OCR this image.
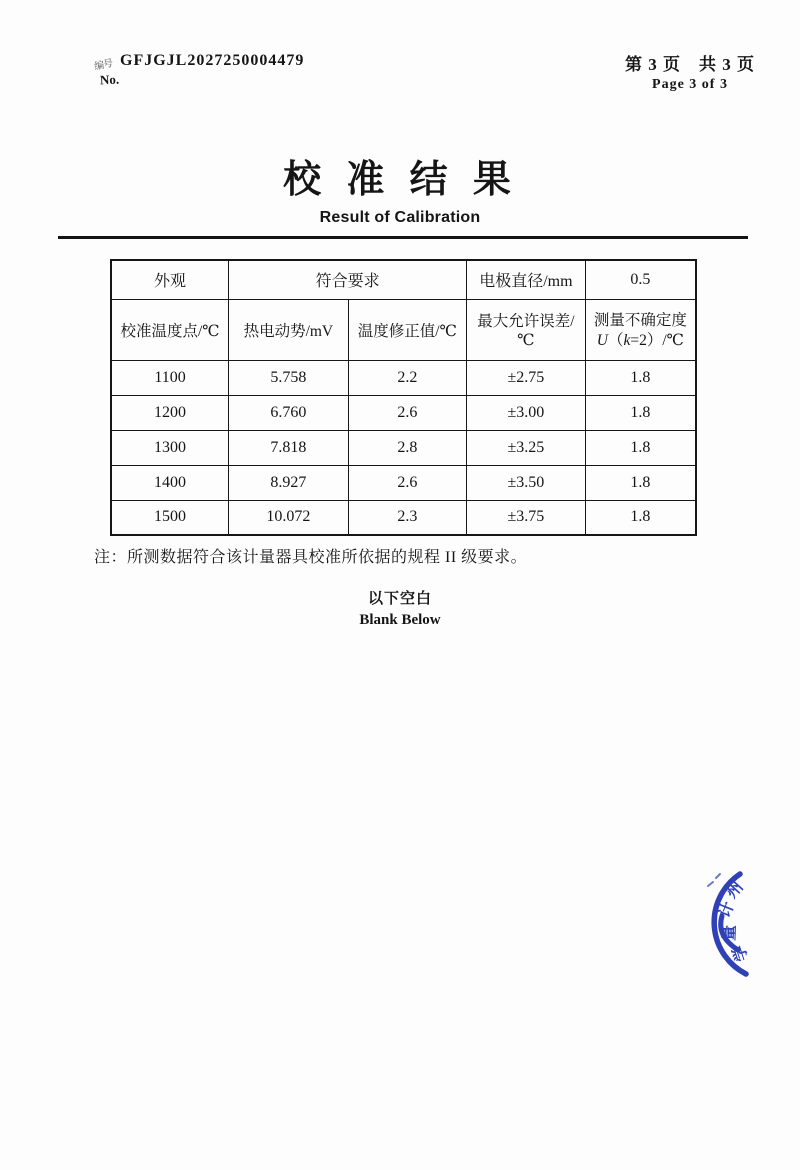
编号 GFJGJL2027250004479
No.
第 3 页　共 3 页
Page 3 of 3
校 准 结 果
Result of Calibration
外观	符合要求		电极直径/mm	0.5
校准温度点/℃	热电动势/mV	温度修正值/℃	最大允许误差/℃	测量不确定度
U（k=2）/℃

1100	5.758	2.2	±2.75	1.8
1200	6.760	2.6	±3.00	1.8
1300	7.818	2.8	±3.25	1.8
1400	8.927	2.6	±3.50	1.8
1500	10.072	2.3	±3.75	1.8
注：所测数据符合该计量器具校准所依据的规程 II 级要求。
以下空白
Blank Below
州
计
量
学
